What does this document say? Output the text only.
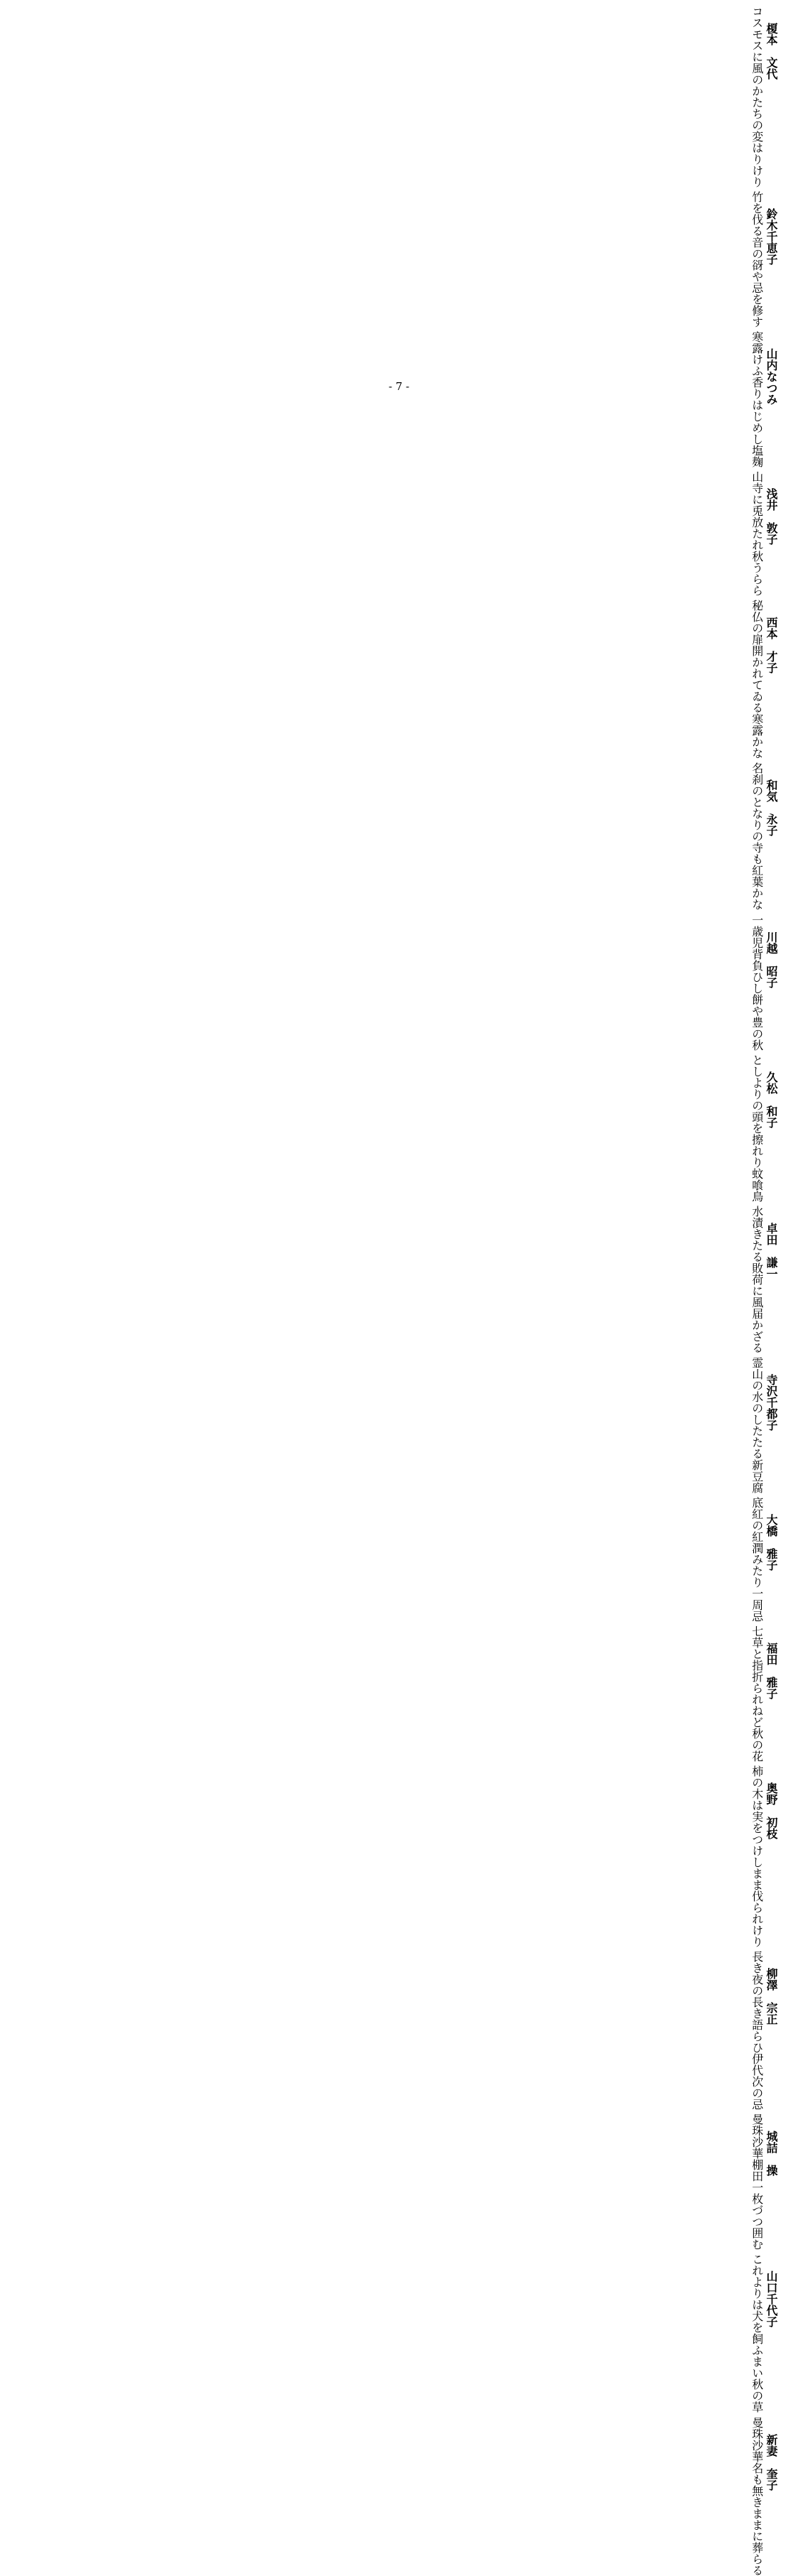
榎本　文代
コスモスに風のかたちの変はりけり

鈴木千恵子
竹を伐る音の谺や忌を修す

山内なつみ
寒露けふ香りはじめし塩麹

浅井　敦子
山寺に兎放たれ秋うらら

西本　才子
秘仏の扉開かれてゐる寒露かな

和気　永子
名刹のとなりの寺も紅葉かな

川越　昭子
一歳児背負ひし餅や豊の秋

久松　和子
としよりの頭を擦れり蚊喰鳥

卓田　謙一
水漬きたる敗荷に風届かざる

寺沢千都子
霊山の水のしたたる新豆腐

大橋　雅子
底紅の紅潤みたり一周忌

福田　雅子
七草と指折られねど秋の花

奥野　初枝
柿の木は実をつけしまま伐られけり

柳澤　宗正
長き夜の長き語らひ伊代次の忌

城詰　操
曼珠沙華棚田一枚づつ囲む

山口千代子
これよりは犬を飼ふまい秋の草

新妻　奎子
曼珠沙華名も無きままに葬らる
- 7 -
